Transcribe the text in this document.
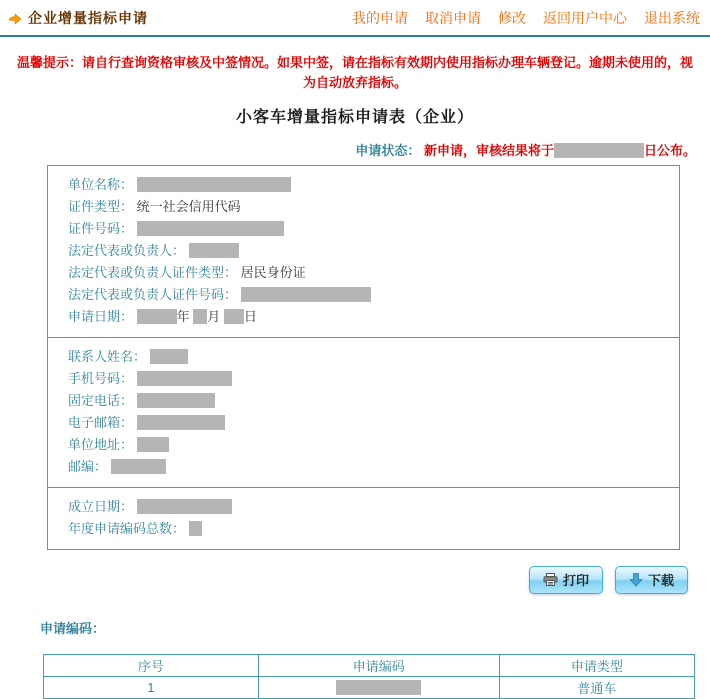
企业增量指标申请	我的申请 取消申请 修改 返回用户中心 退出系统
温馨提示：请自行查询资格审核及中签情况。如果中签，请在指标有效期内使用指标办理车辆登记。逾期未使用的，视为自动放弃指标。
小客车增量指标申请表（企业）
申请状态： 新申请，审核结果将于	日公布。
单位名称：
证件类型： 统一社会信用代码
证件号码：
法定代表或负责人：
法定代表或负责人证件类型： 居民身份证
法定代表或负责人证件号码：
申请日期：	年 月 日
联系人姓名：
手机号码：
固定电话：
电子邮箱：
单位地址：
邮编：
成立日期：
年度申请编码总数：
打印	下载
申请编码：
序号	申请编码	申请类型
1		普通车
